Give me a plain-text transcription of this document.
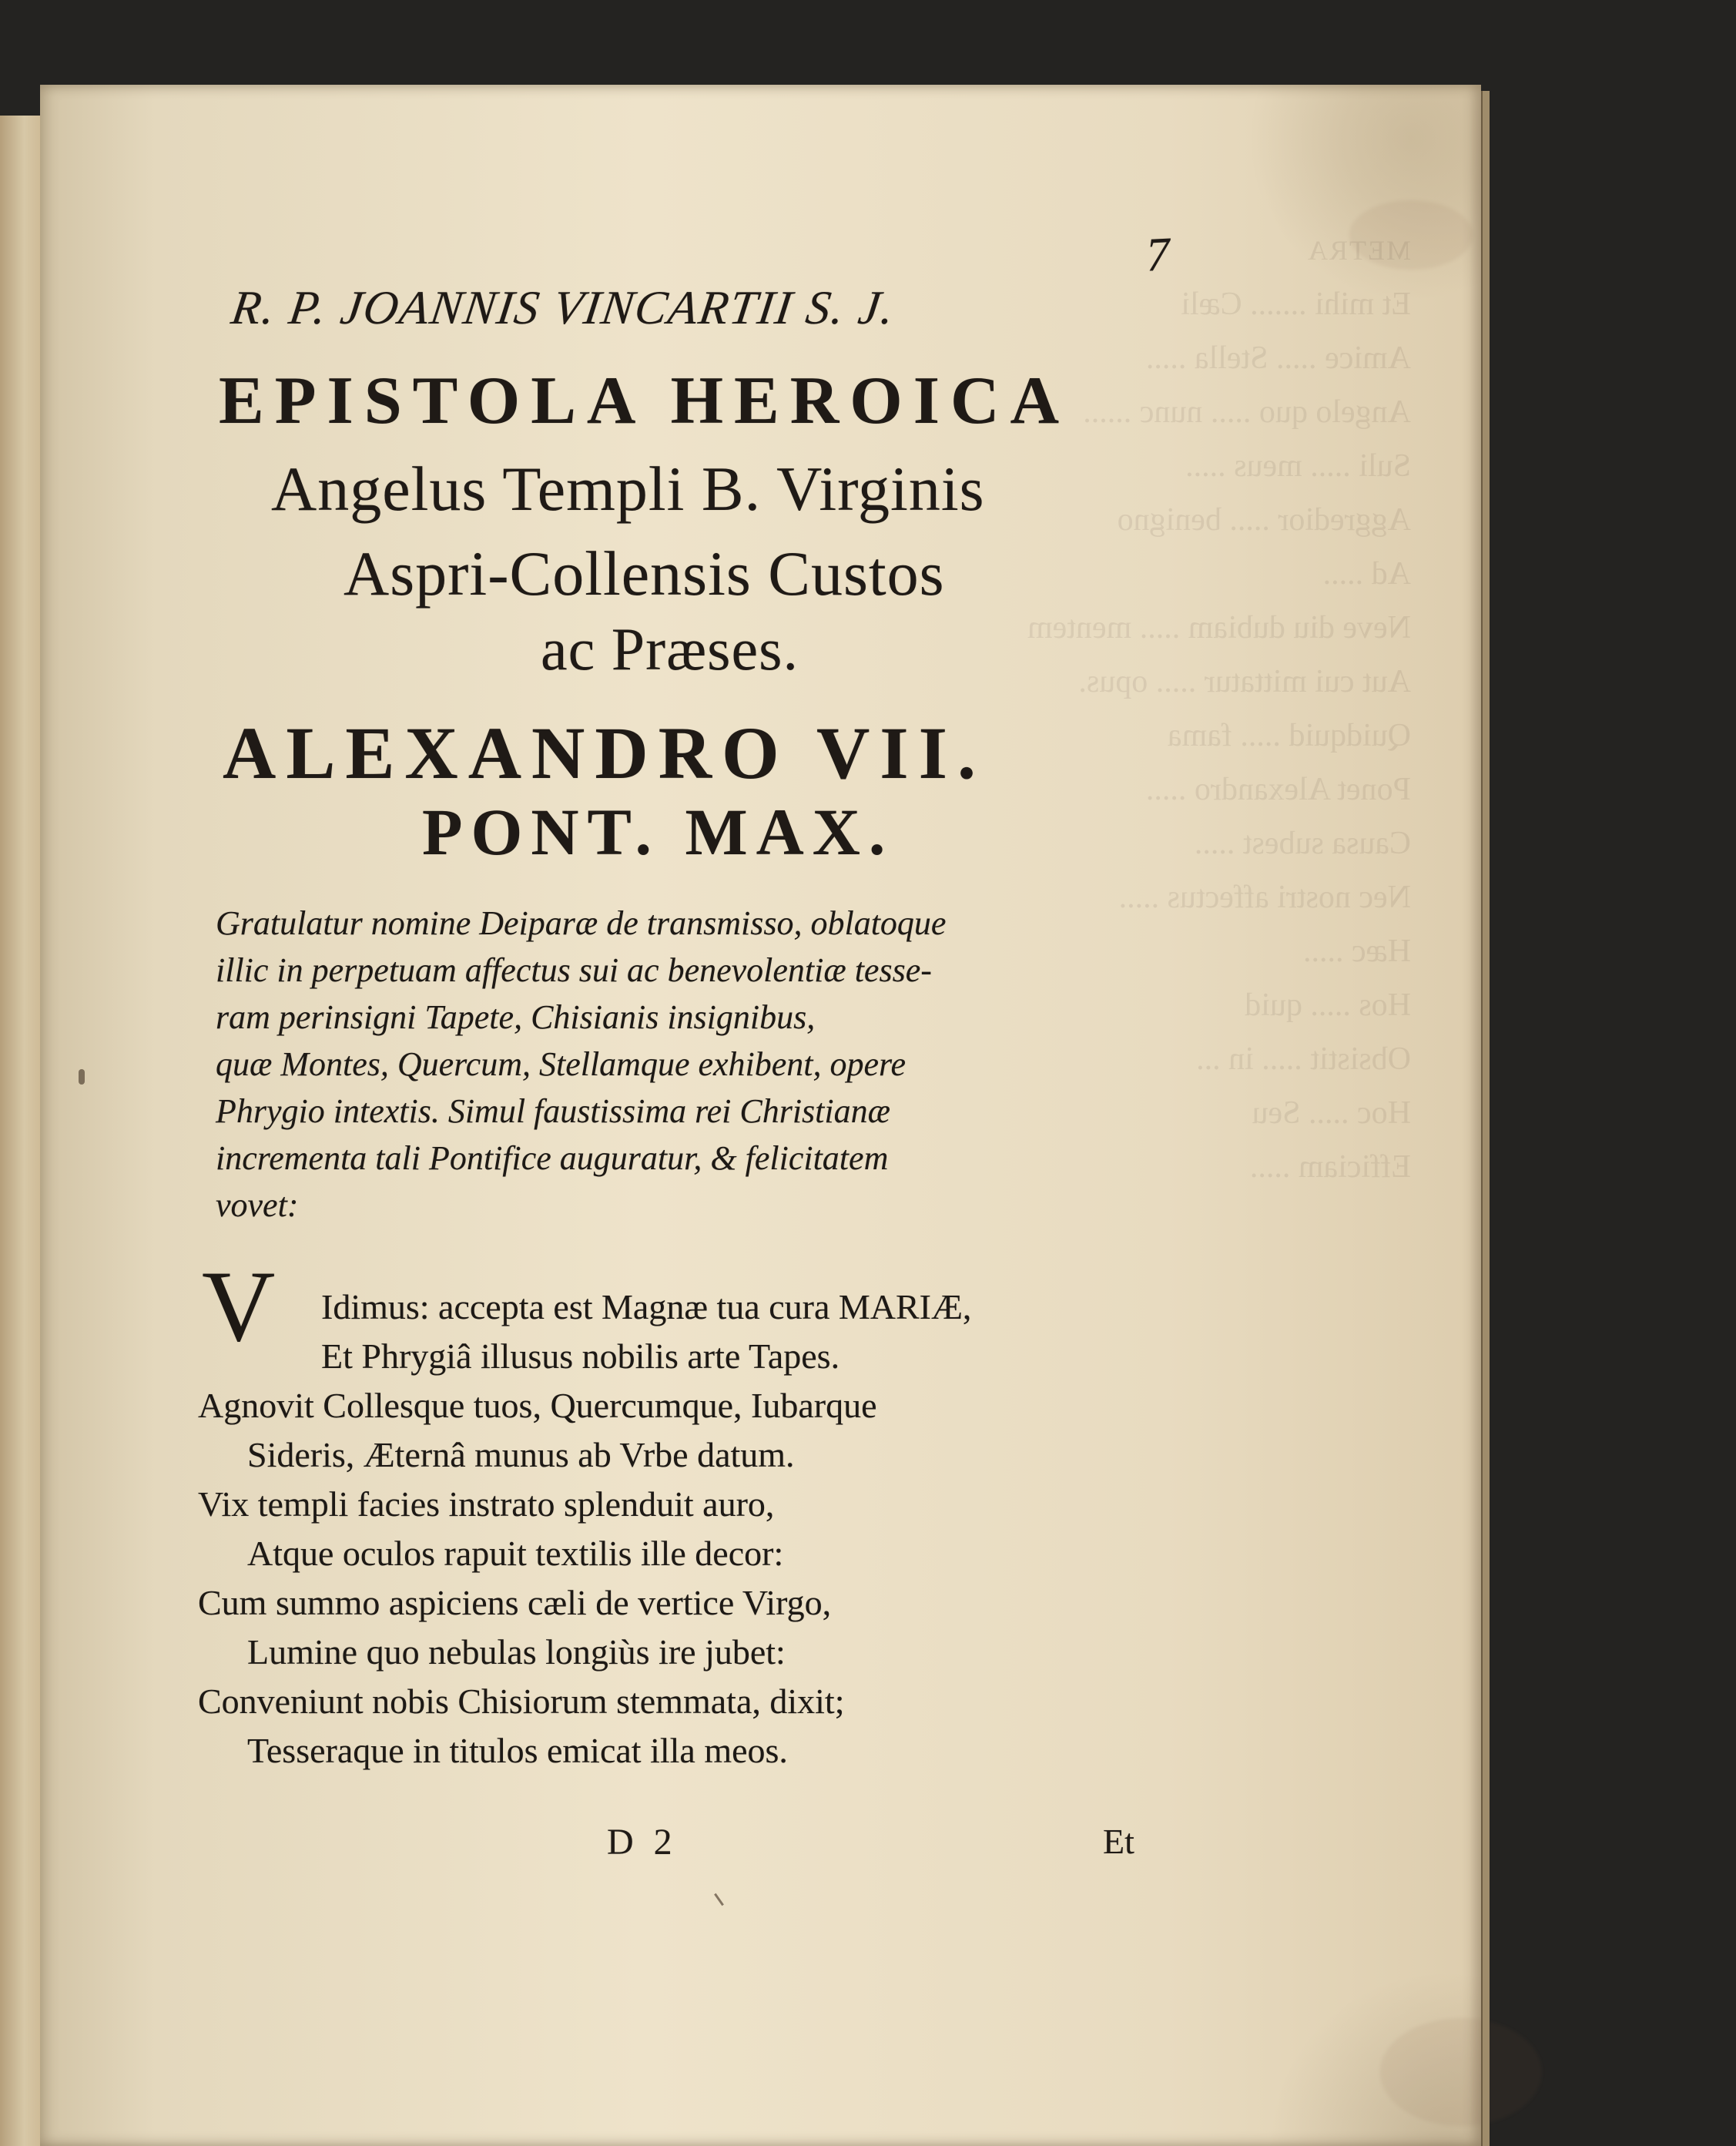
METRA
Et mihi ....... Cæli
Amice ..... Stella .....
Angelo quo ..... nunc ......
Suli ..... meus .....
Aggredior ..... benigno
Ad .....
Neve diu dubiam ..... mentem
Aut cui mittatur ..... opus.
Quidquid ..... fama
Ponet Alexandro .....
Causa subest .....
Nec nostri affectus .....
Hæc .....
Hos ..... quid
Obsistit ..... in ...
Hoc ..... Seu
Efficiam .....

7

R. P. JOANNIS VINCARTII S. J.

EPISTOLA HEROICA

Angelus Templi B. Virginis

Aspri-Collensis Custos

ac Præses.

ALEXANDRO VII.
PONT. MAX.

Gratulatur nomine Deiparæ de transmisso, oblatoque

illic in perpetuam affectus sui ac benevolentiæ tesse-

ram perinsigni Tapete, Chisianis insignibus,

quæ Montes, Quercum, Stellamque exhibent, opere

Phrygio intextis. Simul faustissima rei Christianæ

incrementa tali Pontifice auguratur, & felicitatem

vovet:

V Idimus: accepta est Magnæ tua cura MARIÆ,

Et Phrygiâ illusus nobilis arte Tapes.

Agnovit Collesque tuos, Quercumque, Iubarque

Sideris, Æternâ munus ab Vrbe datum.

Vix templi facies instrato splenduit auro,

Atque oculos rapuit textilis ille decor:

Cum summo aspiciens cæli de vertice Virgo,

Lumine quo nebulas longiùs ire jubet:

Conveniunt nobis Chisiorum stemmata, dixit;

Tesseraque in titulos emicat illa meos.

D 2	Et
